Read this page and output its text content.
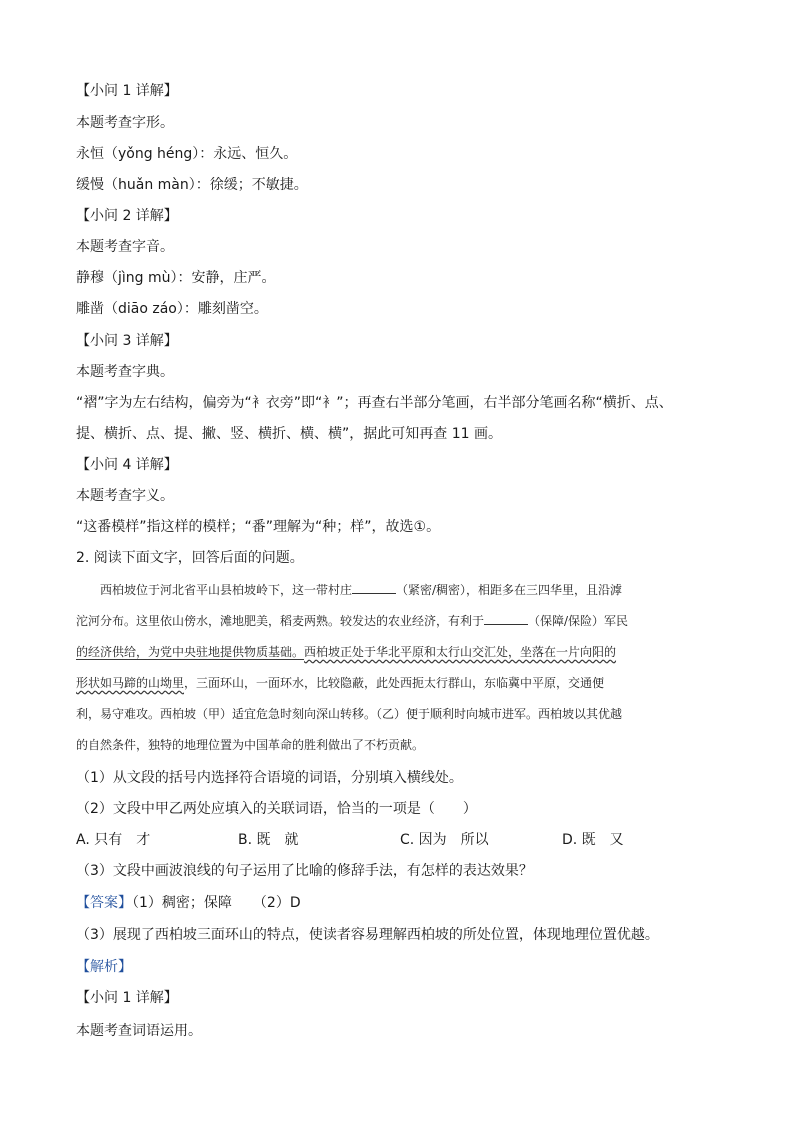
【小问 1 详解】
本题考查字形。
永恒（yǒng héng）：永远、恒久。
缓慢（huǎn màn）：徐缓；不敏捷。
【小问 2 详解】
本题考查字音。
静穆（jìng mù）：安静，庄严。
雕凿（diāo záo）：雕刻凿空。
【小问 3 详解】
本题考查字典。
“褶”字为左右结构，偏旁为“衤衣旁”即“衤”；再查右半部分笔画，右半部分笔画名称“横折、点、
提、横折、点、提、撇、竖、横折、横、横”，据此可知再查 11 画。
【小问 4 详解】
本题考查字义。
“这番模样”指这样的模样；“番”理解为“种；样”，故选①。
2. 阅读下面文字，回答后面的问题。

西柏坡位于河北省平山县柏坡岭下，这一带村庄	（紧密/稠密），相距多在三四华里，且沿滹

沱河分布。这里依山傍水，滩地肥美，稻麦两熟。较发达的农业经济，有利于	（保障/保险）军民

的经济供给，为党中央驻地提供物质基础。西柏坡正处于华北平原和太行山交汇处，坐落在一片向阳的

形状如马蹄的山坳里，三面环山，一面环水，比较隐蔽，此处西扼太行群山，东临冀中平原，交通便

利，易守难攻。西柏坡（甲）适宜危急时刻向深山转移。（乙）便于顺利时向城市进军。西柏坡以其优越

的自然条件，独特的地理位置为中国革命的胜利做出了不朽贡献。

（1）从文段的括号内选择符合语境的词语，分别填入横线处。
（2）文段中甲乙两处应填入的关联词语，恰当的一项是（　　）
A. 只有　才	B. 既　就	C. 因为　所以	D. 既　又
（3）文段中画波浪线的句子运用了比喻的修辞手法，有怎样的表达效果？
【答案】（1）稠密；保障　　（2）D
（3）展现了西柏坡三面环山的特点，使读者容易理解西柏坡的所处位置，体现地理位置优越。
【解析】
【小问 1 详解】
本题考查词语运用。
